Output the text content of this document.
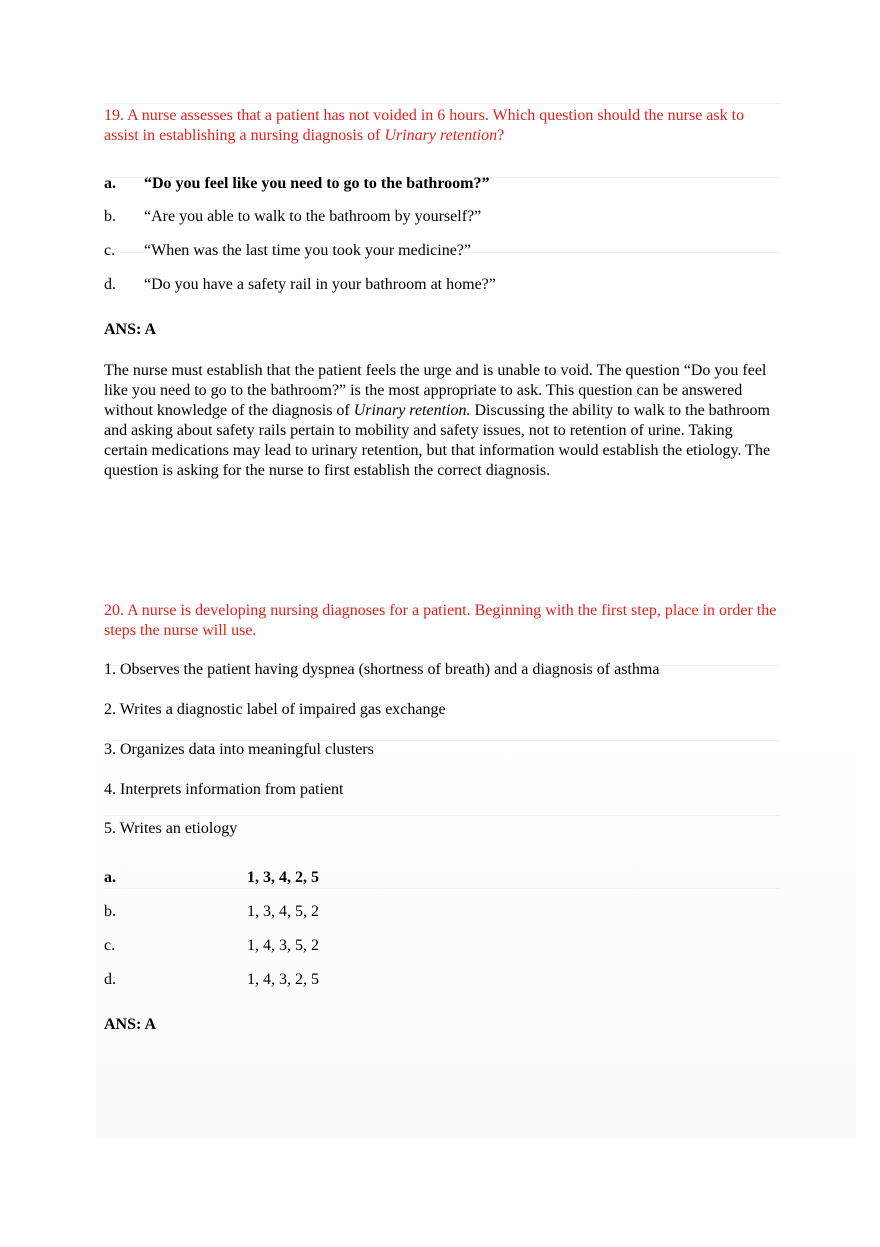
19. A nurse assesses that a patient has not voided in 6 hours. Which question should the nurse ask to assist in establishing a nursing diagnosis of Urinary retention?
a. “Do you feel like you need to go to the bathroom?”
b. “Are you able to walk to the bathroom by yourself?”
c. “When was the last time you took your medicine?”
d. “Do you have a safety rail in your bathroom at home?”
ANS: A
The nurse must establish that the patient feels the urge and is unable to void. The question “Do you feel like you need to go to the bathroom?” is the most appropriate to ask. This question can be answered without knowledge of the diagnosis of Urinary retention. Discussing the ability to walk to the bathroom and asking about safety rails pertain to mobility and safety issues, not to retention of urine. Taking certain medications may lead to urinary retention, but that information would establish the etiology. The question is asking for the nurse to first establish the correct diagnosis.
20. A nurse is developing nursing diagnoses for a patient. Beginning with the first step, place in order the steps the nurse will use.
1. Observes the patient having dyspnea (shortness of breath) and a diagnosis of asthma
2. Writes a diagnostic label of impaired gas exchange
3. Organizes data into meaningful clusters
4. Interprets information from patient
5. Writes an etiology
a.	1, 3, 4, 2, 5
b.	1, 3, 4, 5, 2
c.	1, 4, 3, 5, 2
d.	1, 4, 3, 2, 5
ANS: A
